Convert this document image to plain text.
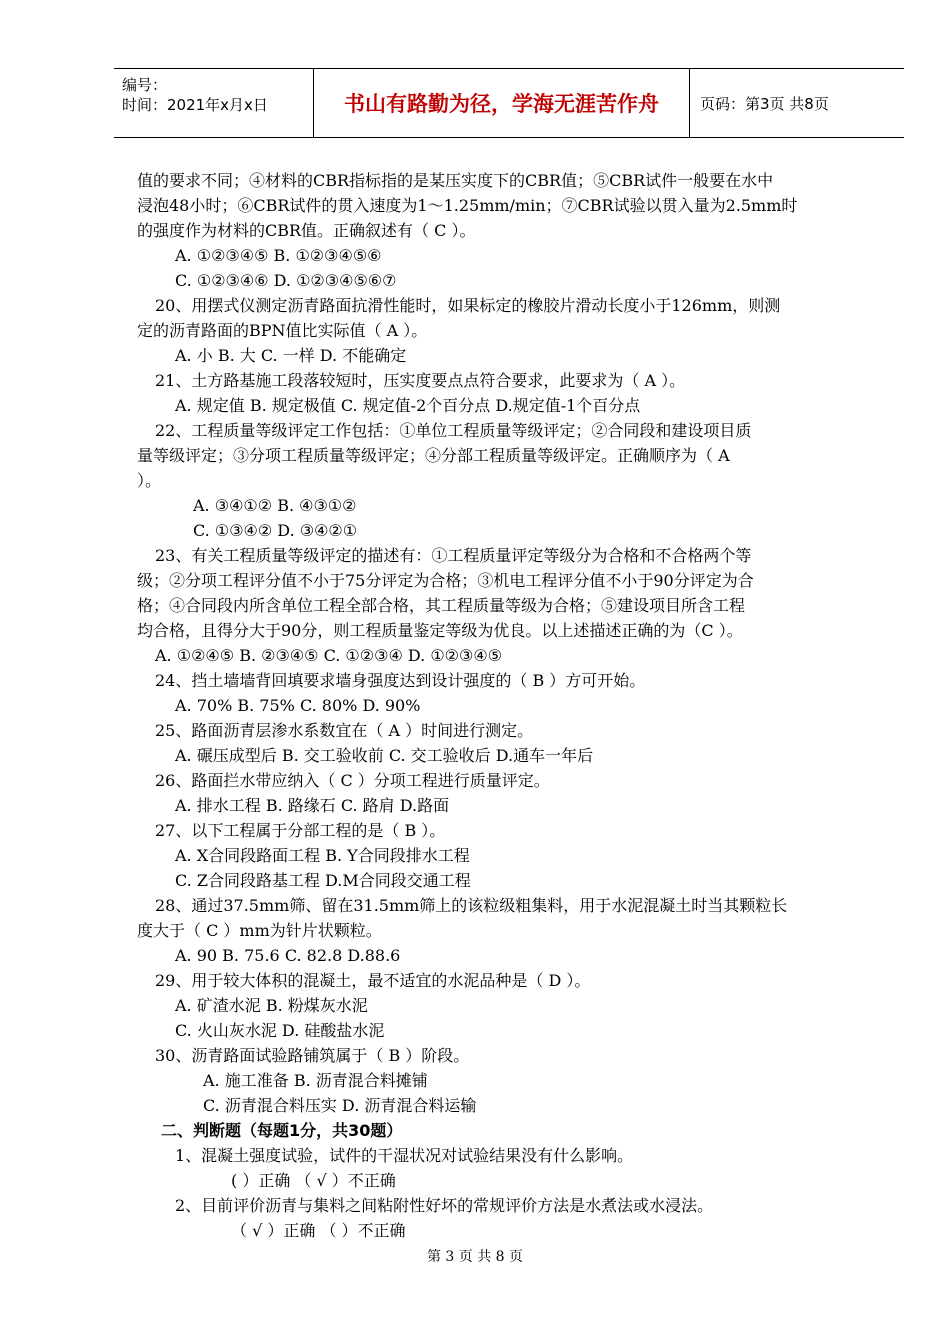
编号：
时间：2021年x月x日	书山有路勤为径，学海无涯苦作舟	页码：第3页 共8页
值的要求不同；④材料的CBR指标指的是某压实度下的CBR值；⑤CBR试件一般要在水中
浸泡48小时；⑥CBR试件的贯入速度为1～1.25mm/min；⑦CBR试验以贯入量为2.5mm时
的强度作为材料的CBR值。正确叙述有（ C ）。
A. ①②③④⑤ B. ①②③④⑤⑥
C. ①②③④⑥ D. ①②③④⑤⑥⑦
20、用摆式仪测定沥青路面抗滑性能时，如果标定的橡胶片滑动长度小于126mm，则测
定的沥青路面的BPN值比实际值（ A ）。
A. 小 B. 大 C. 一样 D. 不能确定
21、土方路基施工段落较短时，压实度要点点符合要求，此要求为（ A ）。
A. 规定值 B. 规定极值 C. 规定值-2个百分点 D.规定值-1个百分点
22、工程质量等级评定工作包括：①单位工程质量等级评定；②合同段和建设项目质
量等级评定；③分项工程质量等级评定；④分部工程质量等级评定。正确顺序为（ A
）。
A. ③④①② B. ④③①②
C. ①③④② D. ③④②①
23、有关工程质量等级评定的描述有：①工程质量评定等级分为合格和不合格两个等
级；②分项工程评分值不小于75分评定为合格；③机电工程评分值不小于90分评定为合
格；④合同段内所含单位工程全部合格，其工程质量等级为合格；⑤建设项目所含工程
均合格，且得分大于90分，则工程质量鉴定等级为优良。以上述描述正确的为（C ）。
A. ①②④⑤ B. ②③④⑤ C. ①②③④ D. ①②③④⑤
24、挡土墙墙背回填要求墙身强度达到设计强度的（ B ）方可开始。
A. 70% B. 75% C. 80% D. 90%
25、路面沥青层渗水系数宜在（ A ）时间进行测定。
A. 碾压成型后 B. 交工验收前 C. 交工验收后 D.通车一年后
26、路面拦水带应纳入（ C ）分项工程进行质量评定。
A. 排水工程 B. 路缘石 C. 路肩 D.路面
27、以下工程属于分部工程的是（ B ）。
A. X合同段路面工程 B. Y合同段排水工程
C. Z合同段路基工程 D.M合同段交通工程
28、通过37.5mm筛、留在31.5mm筛上的该粒级粗集料，用于水泥混凝土时当其颗粒长
度大于（ C ）mm为针片状颗粒。
A. 90 B. 75.6 C. 82.8 D.88.6
29、用于较大体积的混凝土，最不适宜的水泥品种是（ D ）。
A. 矿渣水泥 B. 粉煤灰水泥
C. 火山灰水泥 D. 硅酸盐水泥
30、沥青路面试验路铺筑属于（ B ）阶段。
A. 施工准备 B. 沥青混合料摊铺
C. 沥青混合料压实 D. 沥青混合料运输
二、判断题（每题1分，共30题）
1、混凝土强度试验，试件的干湿状况对试验结果没有什么影响。
( ）正确 （ √ ）不正确
2、目前评价沥青与集料之间粘附性好坏的常规评价方法是水煮法或水浸法。
（ √ ）正确 （ ）不正确
第 3 页 共 8 页
